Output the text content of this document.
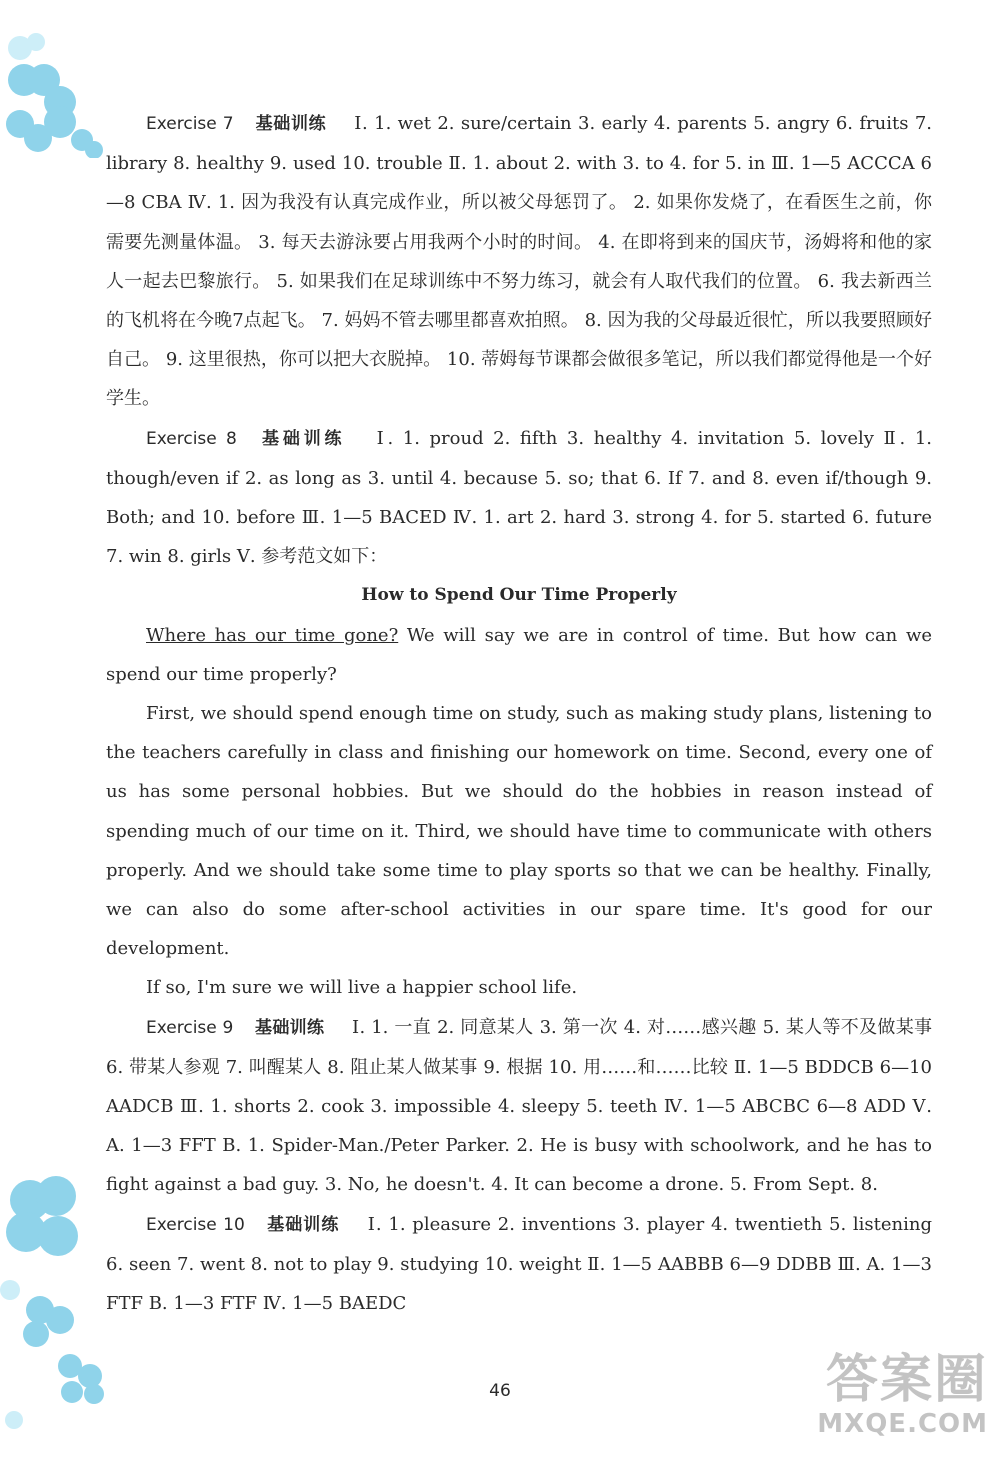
Exercise 7 基础训练 Ⅰ. 1. wet 2. sure/certain 3. early 4. parents 5. angry 6. fruits 7. library 8. healthy 9. used 10. trouble Ⅱ. 1. about 2. with 3. to 4. for 5. in Ⅲ. 1—5 ACCCA 6—8 CBA Ⅳ. 1. 因为我没有认真完成作业，所以被父母惩罚了。 2. 如果你发烧了，在看医生之前，你需要先测量体温。 3. 每天去游泳要占用我两个小时的时间。 4. 在即将到来的国庆节，汤姆将和他的家人一起去巴黎旅行。 5. 如果我们在足球训练中不努力练习，就会有人取代我们的位置。 6. 我去新西兰的飞机将在今晚7点起飞。 7. 妈妈不管去哪里都喜欢拍照。 8. 因为我的父母最近很忙，所以我要照顾好自己。 9. 这里很热，你可以把大衣脱掉。 10. 蒂姆每节课都会做很多笔记，所以我们都觉得他是一个好学生。

Exercise 8 基础训练 Ⅰ. 1. proud 2. fifth 3. healthy 4. invitation 5. lovely Ⅱ. 1. though/even if 2. as long as 3. until 4. because 5. so; that 6. If 7. and 8. even if/though 9. Both; and 10. before Ⅲ. 1—5 BACED Ⅳ. 1. art 2. hard 3. strong 4. for 5. started 6. future 7. win 8. girls Ⅴ. 参考范文如下：

How to Spend Our Time Properly

Where has our time gone? We will say we are in control of time. But how can we spend our time properly?

First, we should spend enough time on study, such as making study plans, listening to the teachers carefully in class and finishing our homework on time. Second, every one of us has some personal hobbies. But we should do the hobbies in reason instead of spending much of our time on it. Third, we should have time to communicate with others properly. And we should take some time to play sports so that we can be healthy. Finally, we can also do some after-school activities in our spare time. It's good for our development.

If so, I'm sure we will live a happier school life.

Exercise 9 基础训练 Ⅰ. 1. 一直 2. 同意某人 3. 第一次 4. 对……感兴趣 5. 某人等不及做某事 6. 带某人参观 7. 叫醒某人 8. 阻止某人做某事 9. 根据 10. 用……和……比较 Ⅱ. 1—5 BDDCB 6—10 AADCB Ⅲ. 1. shorts 2. cook 3. impossible 4. sleepy 5. teeth Ⅳ. 1—5 ABCBC 6—8 ADD Ⅴ. A. 1—3 FFT B. 1. Spider-Man./Peter Parker. 2. He is busy with schoolwork, and he has to fight against a bad guy. 3. No, he doesn't. 4. It can become a drone. 5. From Sept. 8.

Exercise 10 基础训练 Ⅰ. 1. pleasure 2. inventions 3. player 4. twentieth 5. listening 6. seen 7. went 8. not to play 9. studying 10. weight Ⅱ. 1—5 AABBB 6—9 DDBB Ⅲ. A. 1—3 FTF B. 1—3 FTF Ⅳ. 1—5 BAEDC

46	答案圈
MXQE.COM
